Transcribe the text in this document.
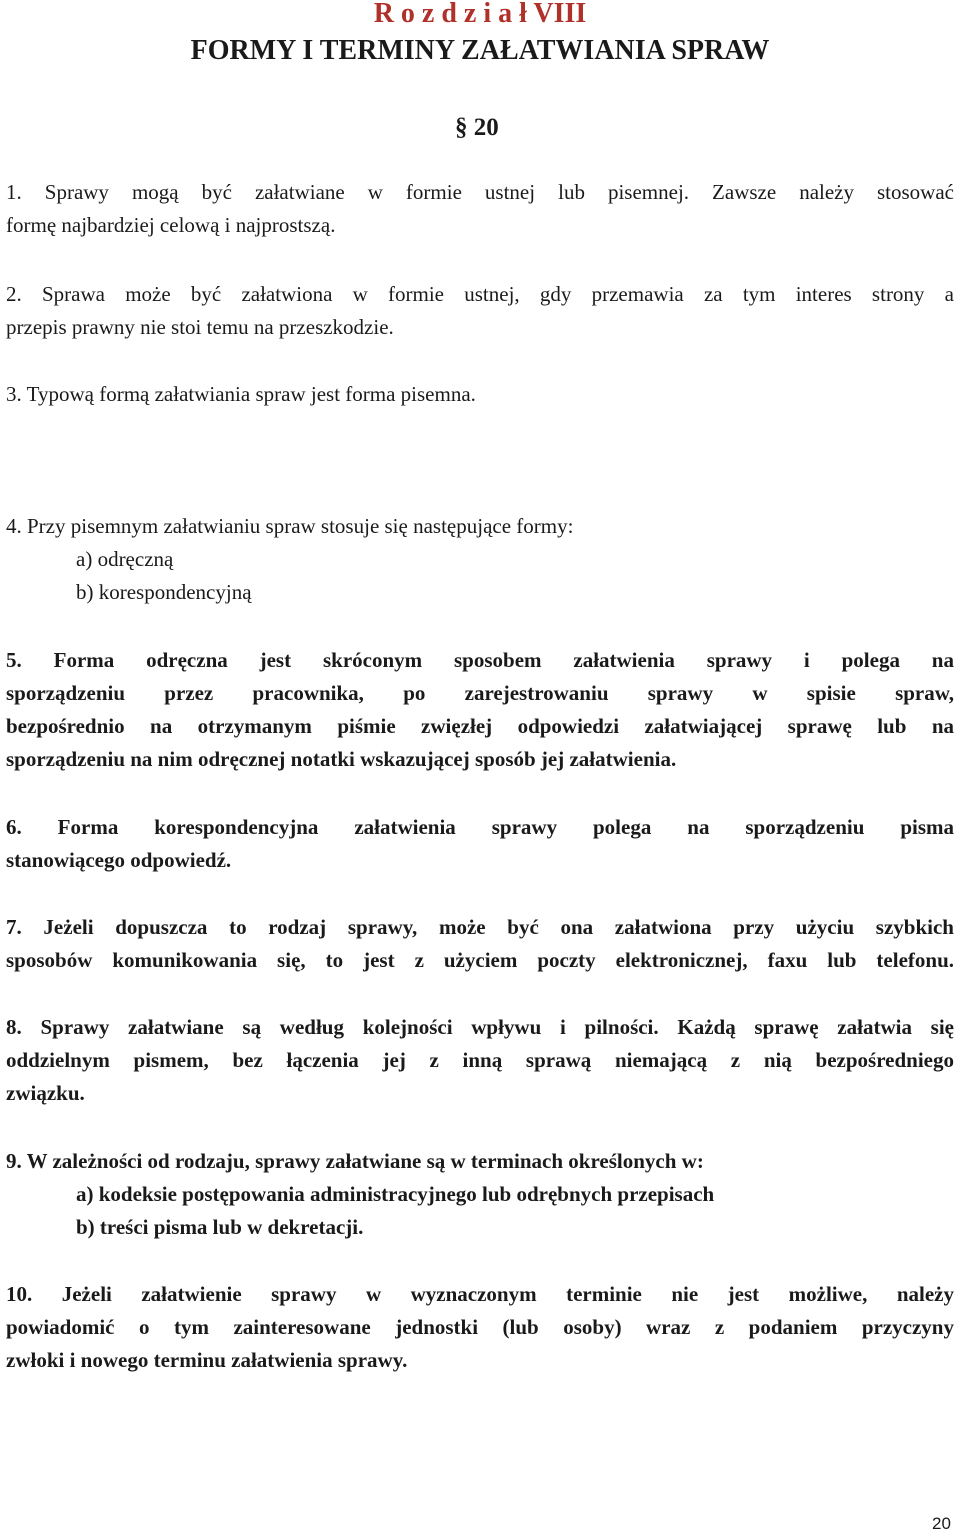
R o z d z i a ł VIII
FORMY I TERMINY ZAŁATWIANIA SPRAW
§ 20
1. Sprawy mogą być załatwiane w formie ustnej lub pisemnej. Zawsze należy stosować
formę najbardziej celową i najprostszą.
2. Sprawa może być załatwiona w formie ustnej, gdy przemawia za tym interes strony a
przepis prawny nie stoi temu na przeszkodzie.
3. Typową formą załatwiania spraw jest forma pisemna.
4. Przy pisemnym załatwianiu spraw stosuje się następujące formy:
a) odręczną
b) korespondencyjną
5. Forma odręczna jest skróconym sposobem załatwienia sprawy i polega na
sporządzeniu przez pracownika, po zarejestrowaniu sprawy w spisie spraw,
bezpośrednio na otrzymanym piśmie zwięzłej odpowiedzi załatwiającej sprawę lub na
sporządzeniu na nim odręcznej notatki wskazującej sposób jej załatwienia.
6. Forma korespondencyjna załatwienia sprawy polega na sporządzeniu pisma
stanowiącego odpowiedź.
7. Jeżeli dopuszcza to rodzaj sprawy, może być ona załatwiona przy użyciu szybkich
sposobów komunikowania się, to jest z użyciem poczty elektronicznej, faxu lub telefonu.
8. Sprawy załatwiane są według kolejności wpływu i pilności. Każdą sprawę załatwia się
oddzielnym pismem, bez łączenia jej z inną sprawą niemającą z nią bezpośredniego
związku.
9. W zależności od rodzaju, sprawy załatwiane są w terminach określonych w:
a) kodeksie postępowania administracyjnego lub odrębnych przepisach
b) treści pisma lub w dekretacji.
10. Jeżeli załatwienie sprawy w wyznaczonym terminie nie jest możliwe, należy
powiadomić o tym zainteresowane jednostki (lub osoby) wraz z podaniem przyczyny
zwłoki i nowego terminu załatwienia sprawy.
20
